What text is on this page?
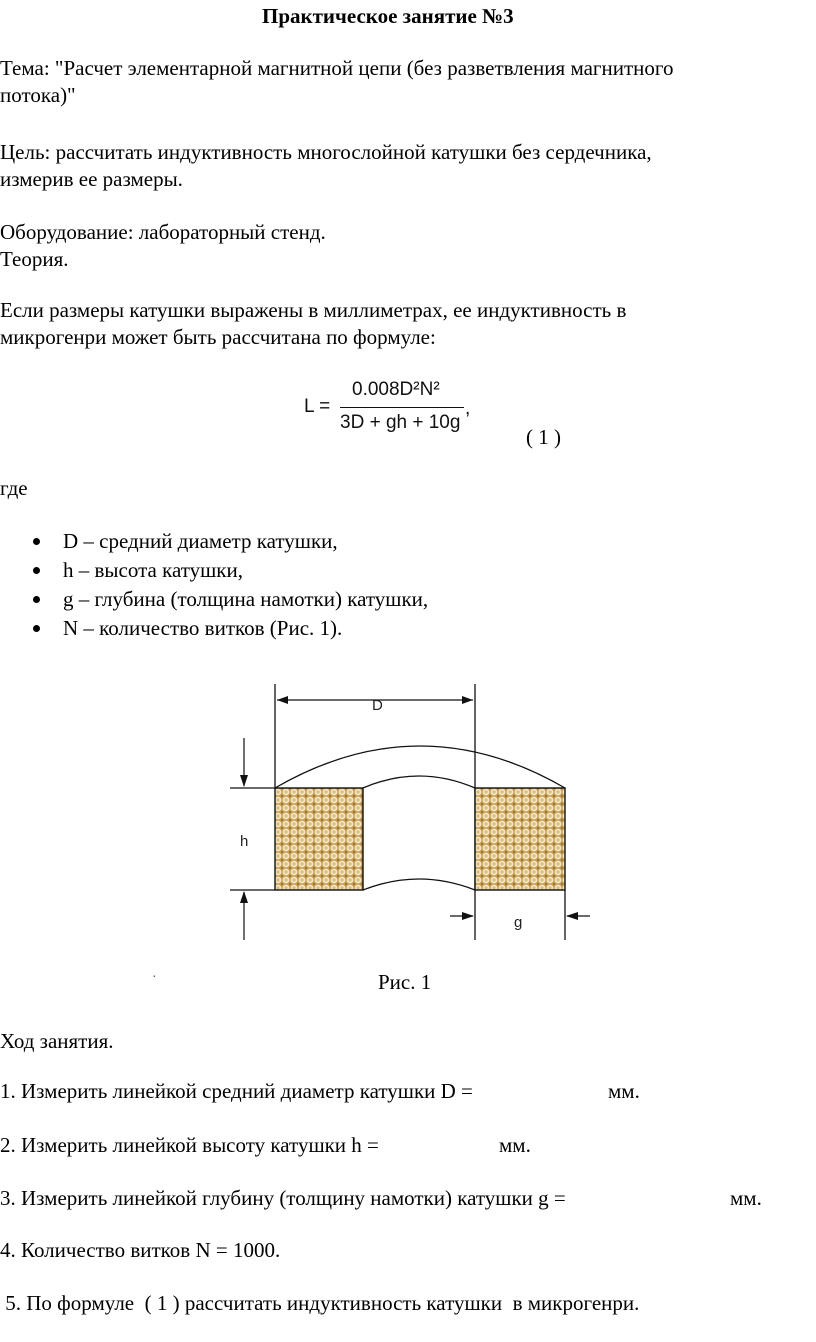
Практическое занятие №3
Тема: "Расчет элементарной магнитной цепи (без разветвления магнитного
потока)"
Цель: рассчитать индуктивность многослойной катушки без сердечника,
измерив ее размеры.
Оборудование: лабораторный стенд.
Теория.
Если размеры катушки выражены в миллиметрах, ее индуктивность в
микрогенри может быть рассчитана по формуле:
L =
0.008D²N²
3D + gh + 10g
,
( 1 )
где
D – средний диаметр катушки,
h – высота катушки,
g – глубина (толщина намотки) катушки,
N – количество витков (Рис. 1).
D
h
g
·	Рис. 1
Ход занятия.
1. Измерить линейкой средний диаметр катушки D =	мм.
2. Измерить линейкой высоту катушки h =	мм.
3. Измерить линейкой глубину (толщину намотки) катушки g =	мм.
4. Количество витков N = 1000.
5. По формуле  ( 1 ) рассчитать индуктивность катушки  в микрогенри.
